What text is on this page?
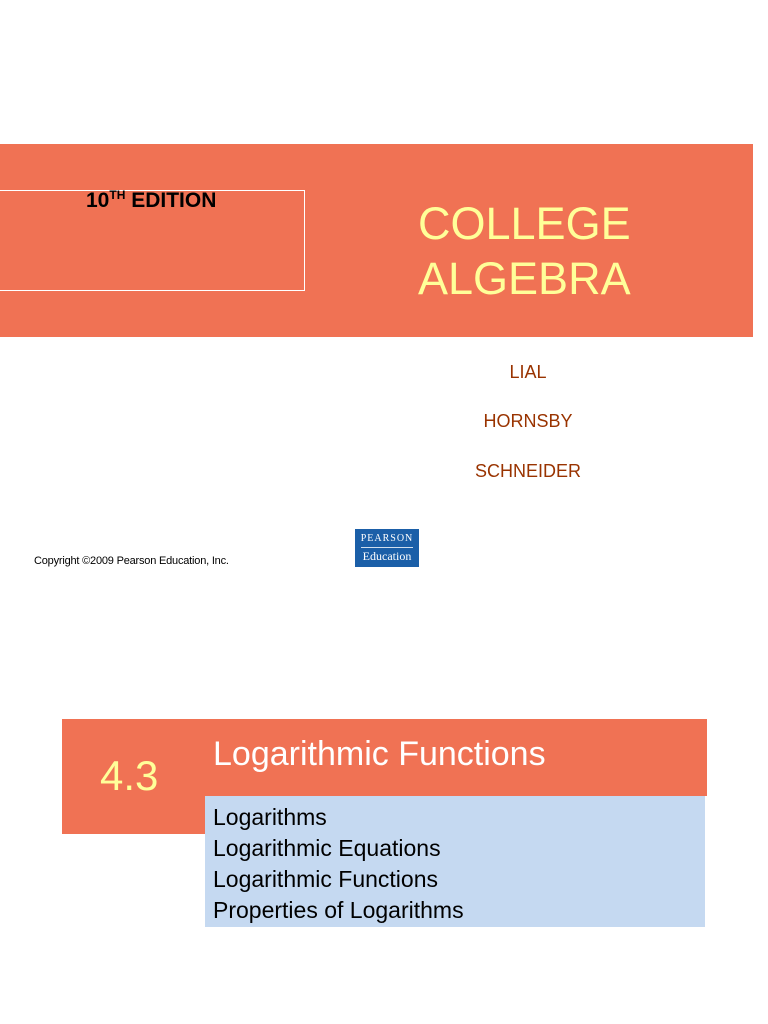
10TH EDITION	COLLEGE
ALGEBRA
LIAL
HORNSBY
SCHNEIDER
Copyright ©2009 Pearson Education, Inc.
PEARSON
Education
4.3 Logarithmic Functions
Logarithms
Logarithmic Equations
Logarithmic Functions
Properties of Logarithms
